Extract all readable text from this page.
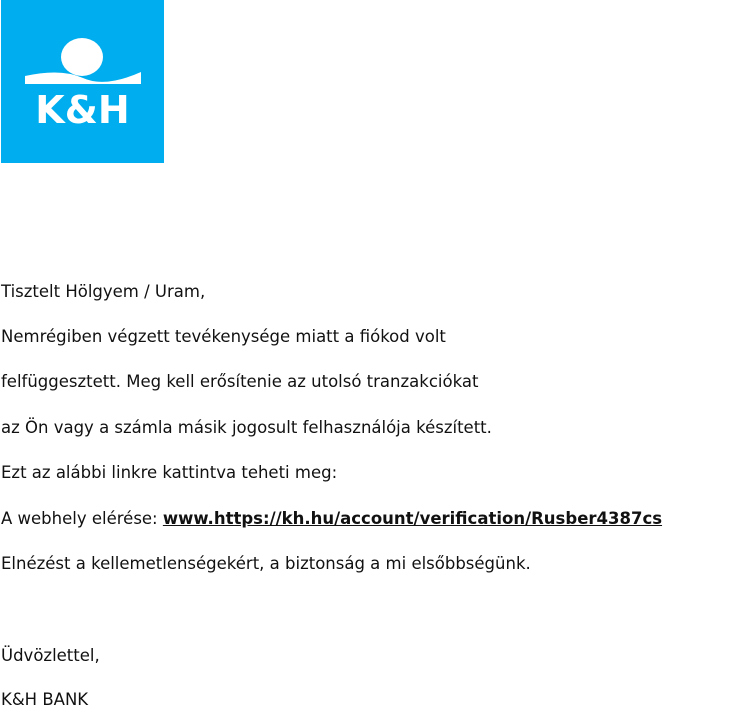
K&H
Tisztelt Hölgyem / Uram,
Nemrégiben végzett tevékenysége miatt a fiókod volt
felfüggesztett. Meg kell erősítenie az utolsó tranzakciókat
az Ön vagy a számla másik jogosult felhasználója készített.
Ezt az alábbi linkre kattintva teheti meg:
A webhely elérése: www.https://kh.hu/account/verification/Rusber4387cs
Elnézést a kellemetlenségekért, a biztonság a mi elsőbbségünk.
Üdvözlettel,
K&H BANK
